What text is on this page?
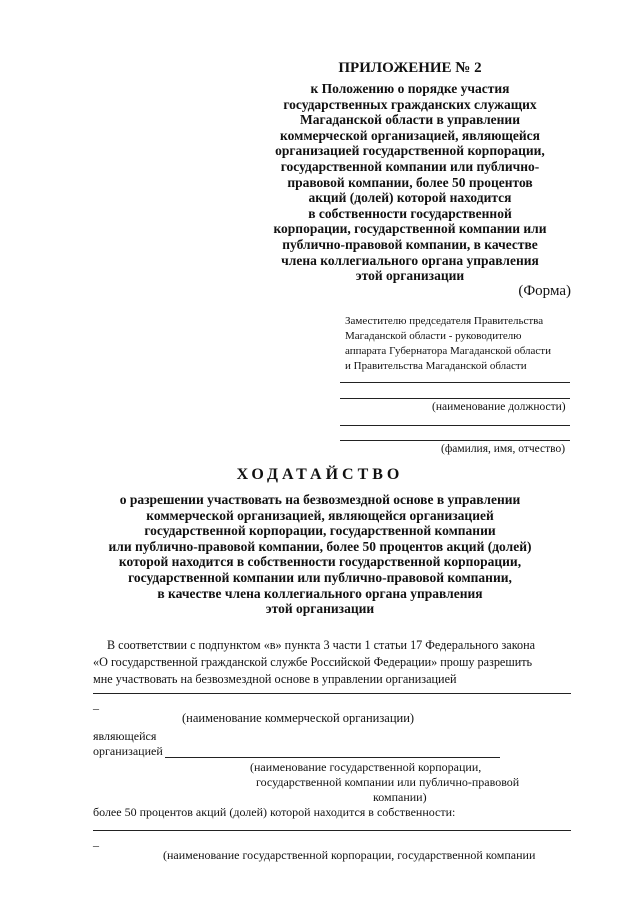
ПРИЛОЖЕНИЕ № 2
к Положению о порядке участия
государственных гражданских служащих
Магаданской области в управлении
коммерческой организацией, являющейся
организацией государственной корпорации,
государственной компании или публично-
правовой компании, более 50 процентов
акций (долей) которой находится
в собственности государственной
корпорации, государственной компании или
публично-правовой компании, в качестве
члена коллегиального органа управления
этой организации
(Форма)
Заместителю председателя Правительства
Магаданской области - руководителю
аппарата Губернатора Магаданской области
и Правительства Магаданской области
(наименование должности)
(фамилия, имя, отчество)
ХОДАТАЙСТВО
о разрешении участвовать на безвозмездной основе в управлении
коммерческой организацией, являющейся организацией
государственной корпорации, государственной компании
или публично-правовой компании, более 50 процентов акций (долей)
которой находится в собственности государственной корпорации,
государственной компании или публично-правовой компании,
в качестве члена коллегиального органа управления
этой организации
В соответствии с подпунктом «в» пункта 3 части 1 статьи 17 Федерального закона
«О государственной гражданской службе Российской Федерации» прошу разрешить
мне участвовать на безвозмездной основе в управлении организацией
_
(наименование коммерческой организации)
являющейся
организацией
(наименование государственной корпорации,
государственной компании или публично-правовой
компании)
более 50 процентов акций (долей) которой находится в собственности:
_
(наименование государственной корпорации, государственной компании
